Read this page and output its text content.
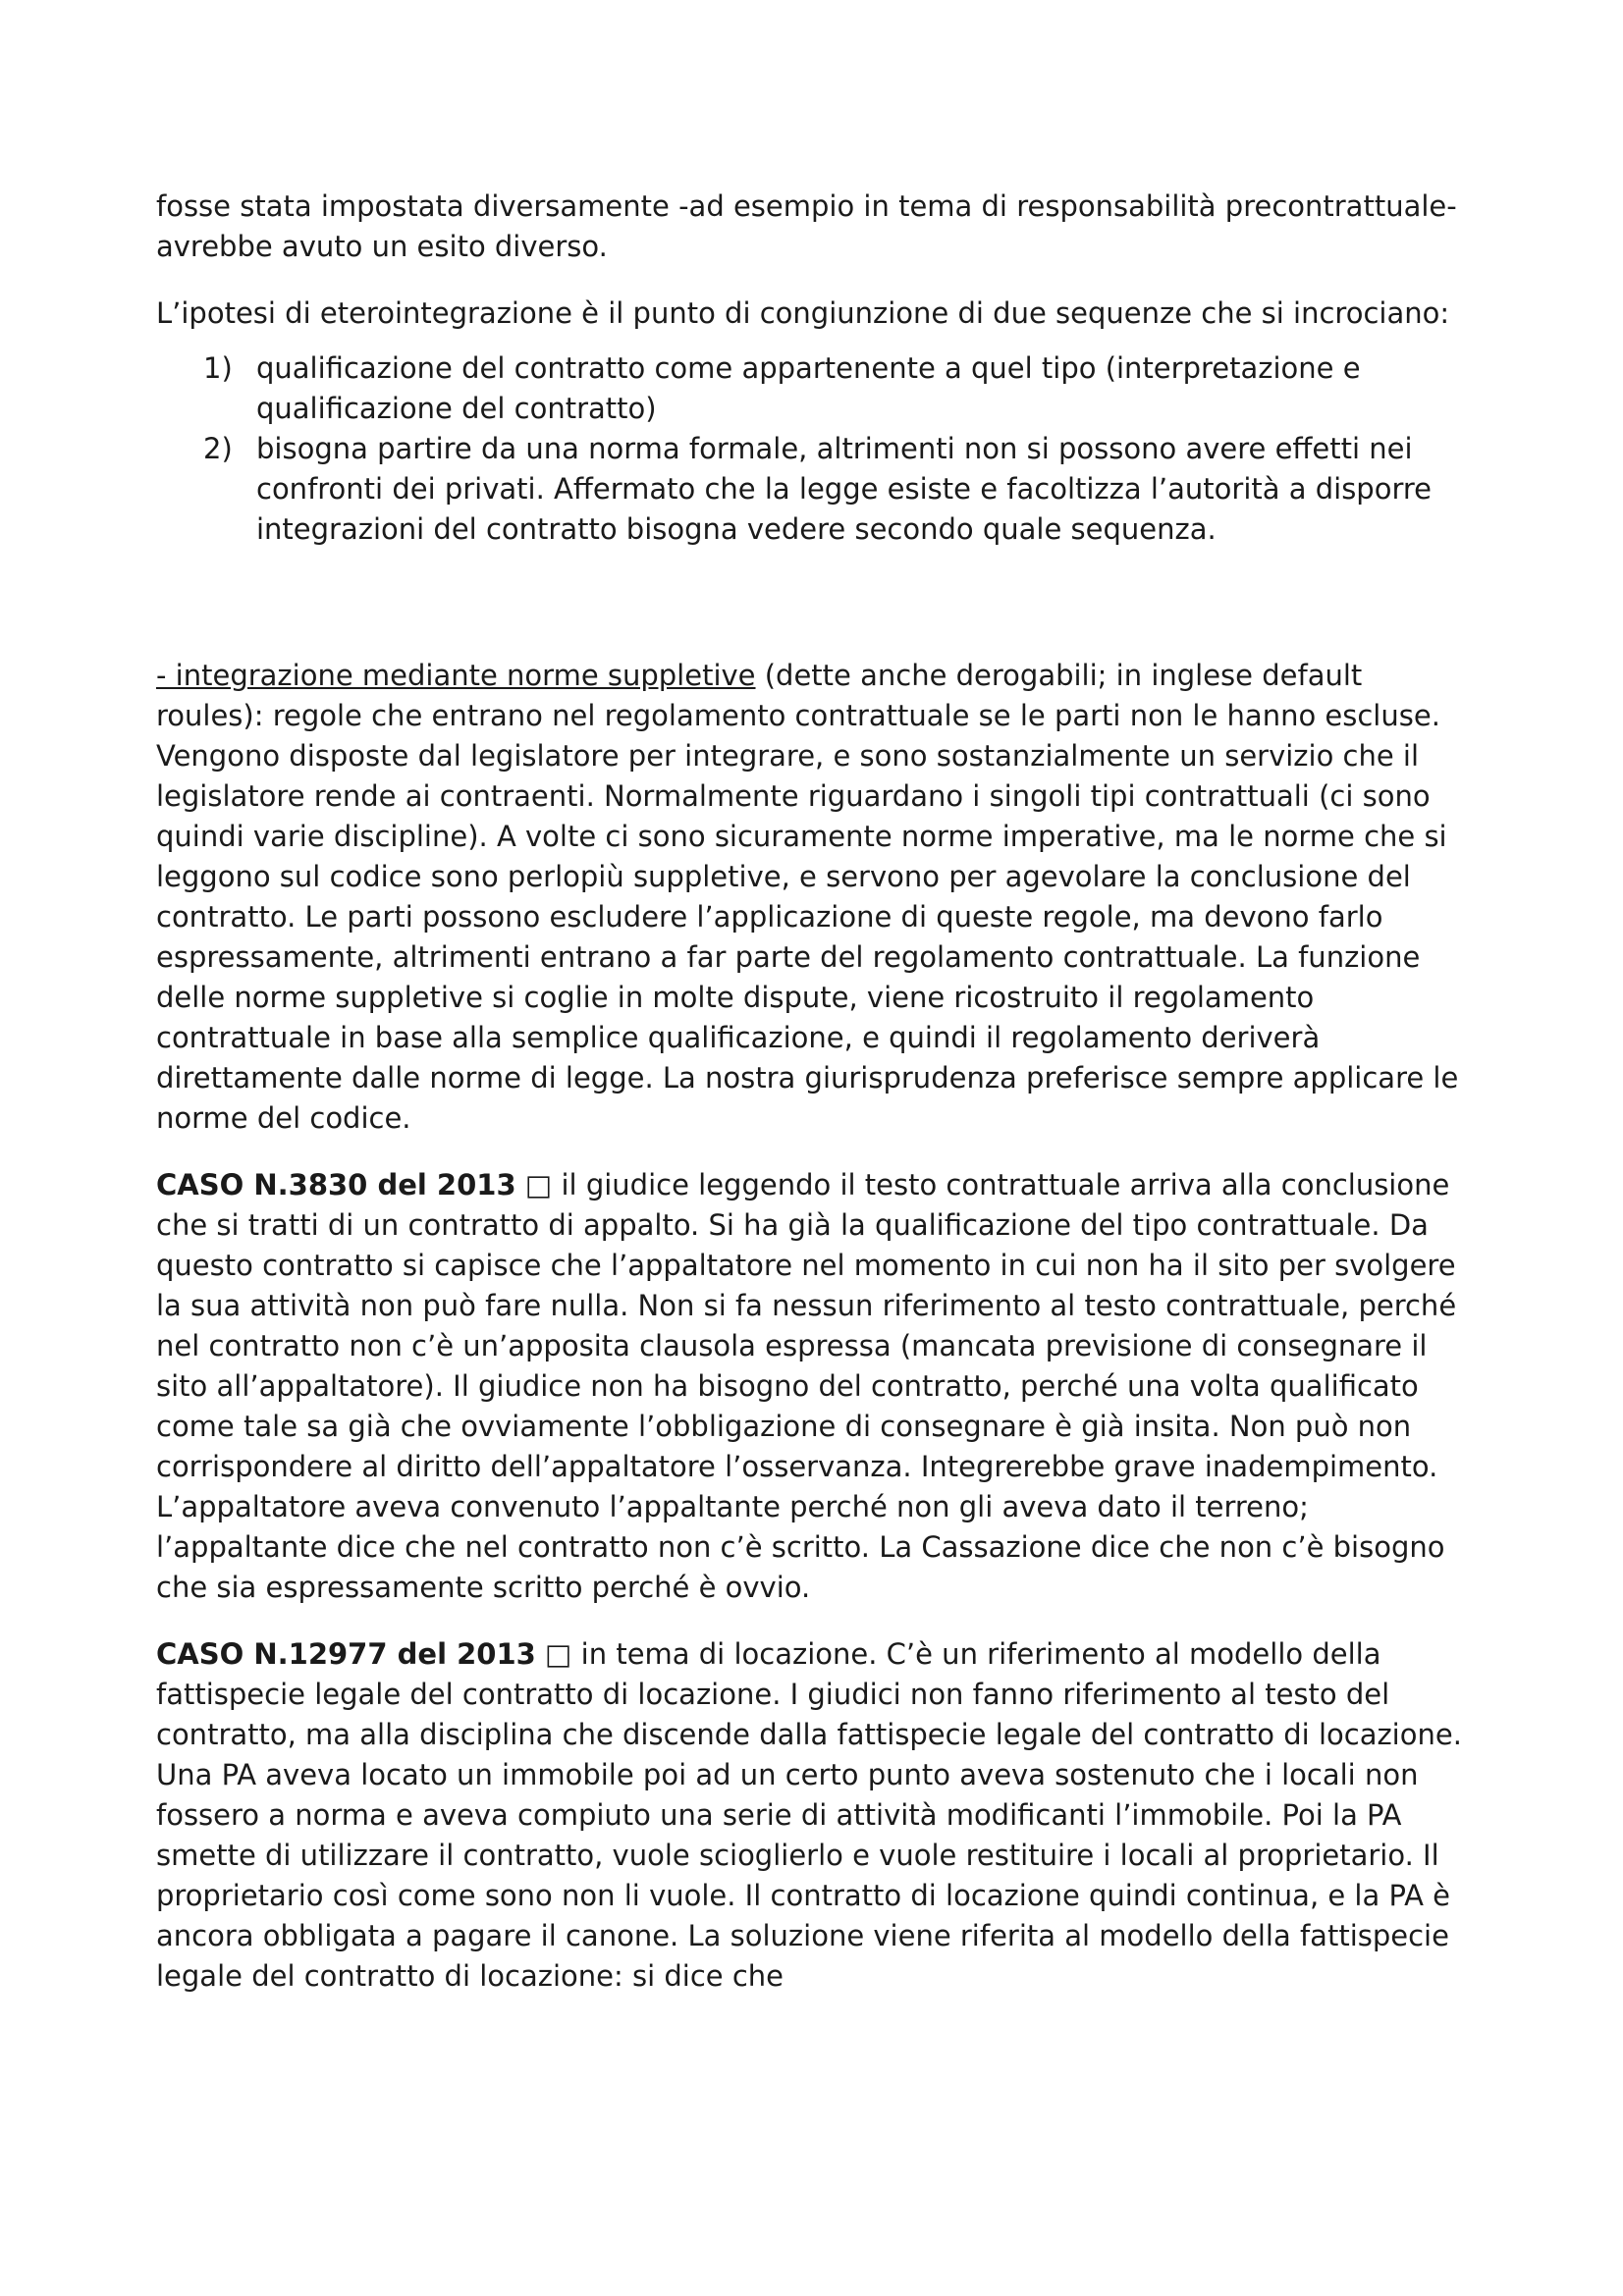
fosse stata impostata diversamente -ad esempio in tema di responsabilità precontrattuale- avrebbe avuto un esito diverso.

L’ipotesi di eterointegrazione è il punto di congiunzione di due sequenze che si incrociano:

1) qualificazione del contratto come appartenente a quel tipo (interpretazione e qualificazione del contratto)
2) bisogna partire da una norma formale, altrimenti non si possono avere effetti nei confronti dei privati. Affermato che la legge esiste e facoltizza l’autorità a disporre integrazioni del contratto bisogna vedere secondo quale sequenza.

- integrazione mediante norme suppletive (dette anche derogabili; in inglese default roules): regole che entrano nel regolamento contrattuale se le parti non le hanno escluse. Vengono disposte dal legislatore per integrare, e sono sostanzialmente un servizio che il legislatore rende ai contraenti. Normalmente riguardano i singoli tipi contrattuali (ci sono quindi varie discipline). A volte ci sono sicuramente norme imperative, ma le norme che si leggono sul codice sono perlopiù suppletive, e servono per agevolare la conclusione del contratto. Le parti possono escludere l’applicazione di queste regole, ma devono farlo espressamente, altrimenti entrano a far parte del regolamento contrattuale. La funzione delle norme suppletive si coglie in molte dispute, viene ricostruito il regolamento contrattuale in base alla semplice qualificazione, e quindi il regolamento deriverà direttamente dalle norme di legge. La nostra giurisprudenza preferisce sempre applicare le norme del codice.

CASO N.3830 del 2013 □ il giudice leggendo il testo contrattuale arriva alla conclusione che si tratti di un contratto di appalto. Si ha già la qualificazione del tipo contrattuale. Da questo contratto si capisce che l’appaltatore nel momento in cui non ha il sito per svolgere la sua attività non può fare nulla. Non si fa nessun riferimento al testo contrattuale, perché nel contratto non c’è un’apposita clausola espressa (mancata previsione di consegnare il sito all’appaltatore). Il giudice non ha bisogno del contratto, perché una volta qualificato come tale sa già che ovviamente l’obbligazione di consegnare è già insita. Non può non corrispondere al diritto dell’appaltatore l’osservanza. Integrerebbe grave inadempimento. L’appaltatore aveva convenuto l’appaltante perché non gli aveva dato il terreno; l’appaltante dice che nel contratto non c’è scritto. La Cassazione dice che non c’è bisogno che sia espressamente scritto perché è ovvio.

CASO N.12977 del 2013 □ in tema di locazione. C’è un riferimento al modello della fattispecie legale del contratto di locazione. I giudici non fanno riferimento al testo del contratto, ma alla disciplina che discende dalla fattispecie legale del contratto di locazione. Una PA aveva locato un immobile poi ad un certo punto aveva sostenuto che i locali non fossero a norma e aveva compiuto una serie di attività modificanti l’immobile. Poi la PA smette di utilizzare il contratto, vuole scioglierlo e vuole restituire i locali al proprietario. Il proprietario così come sono non li vuole. Il contratto di locazione quindi continua, e la PA è ancora obbligata a pagare il canone. La soluzione viene riferita al modello della fattispecie legale del contratto di locazione: si dice che
